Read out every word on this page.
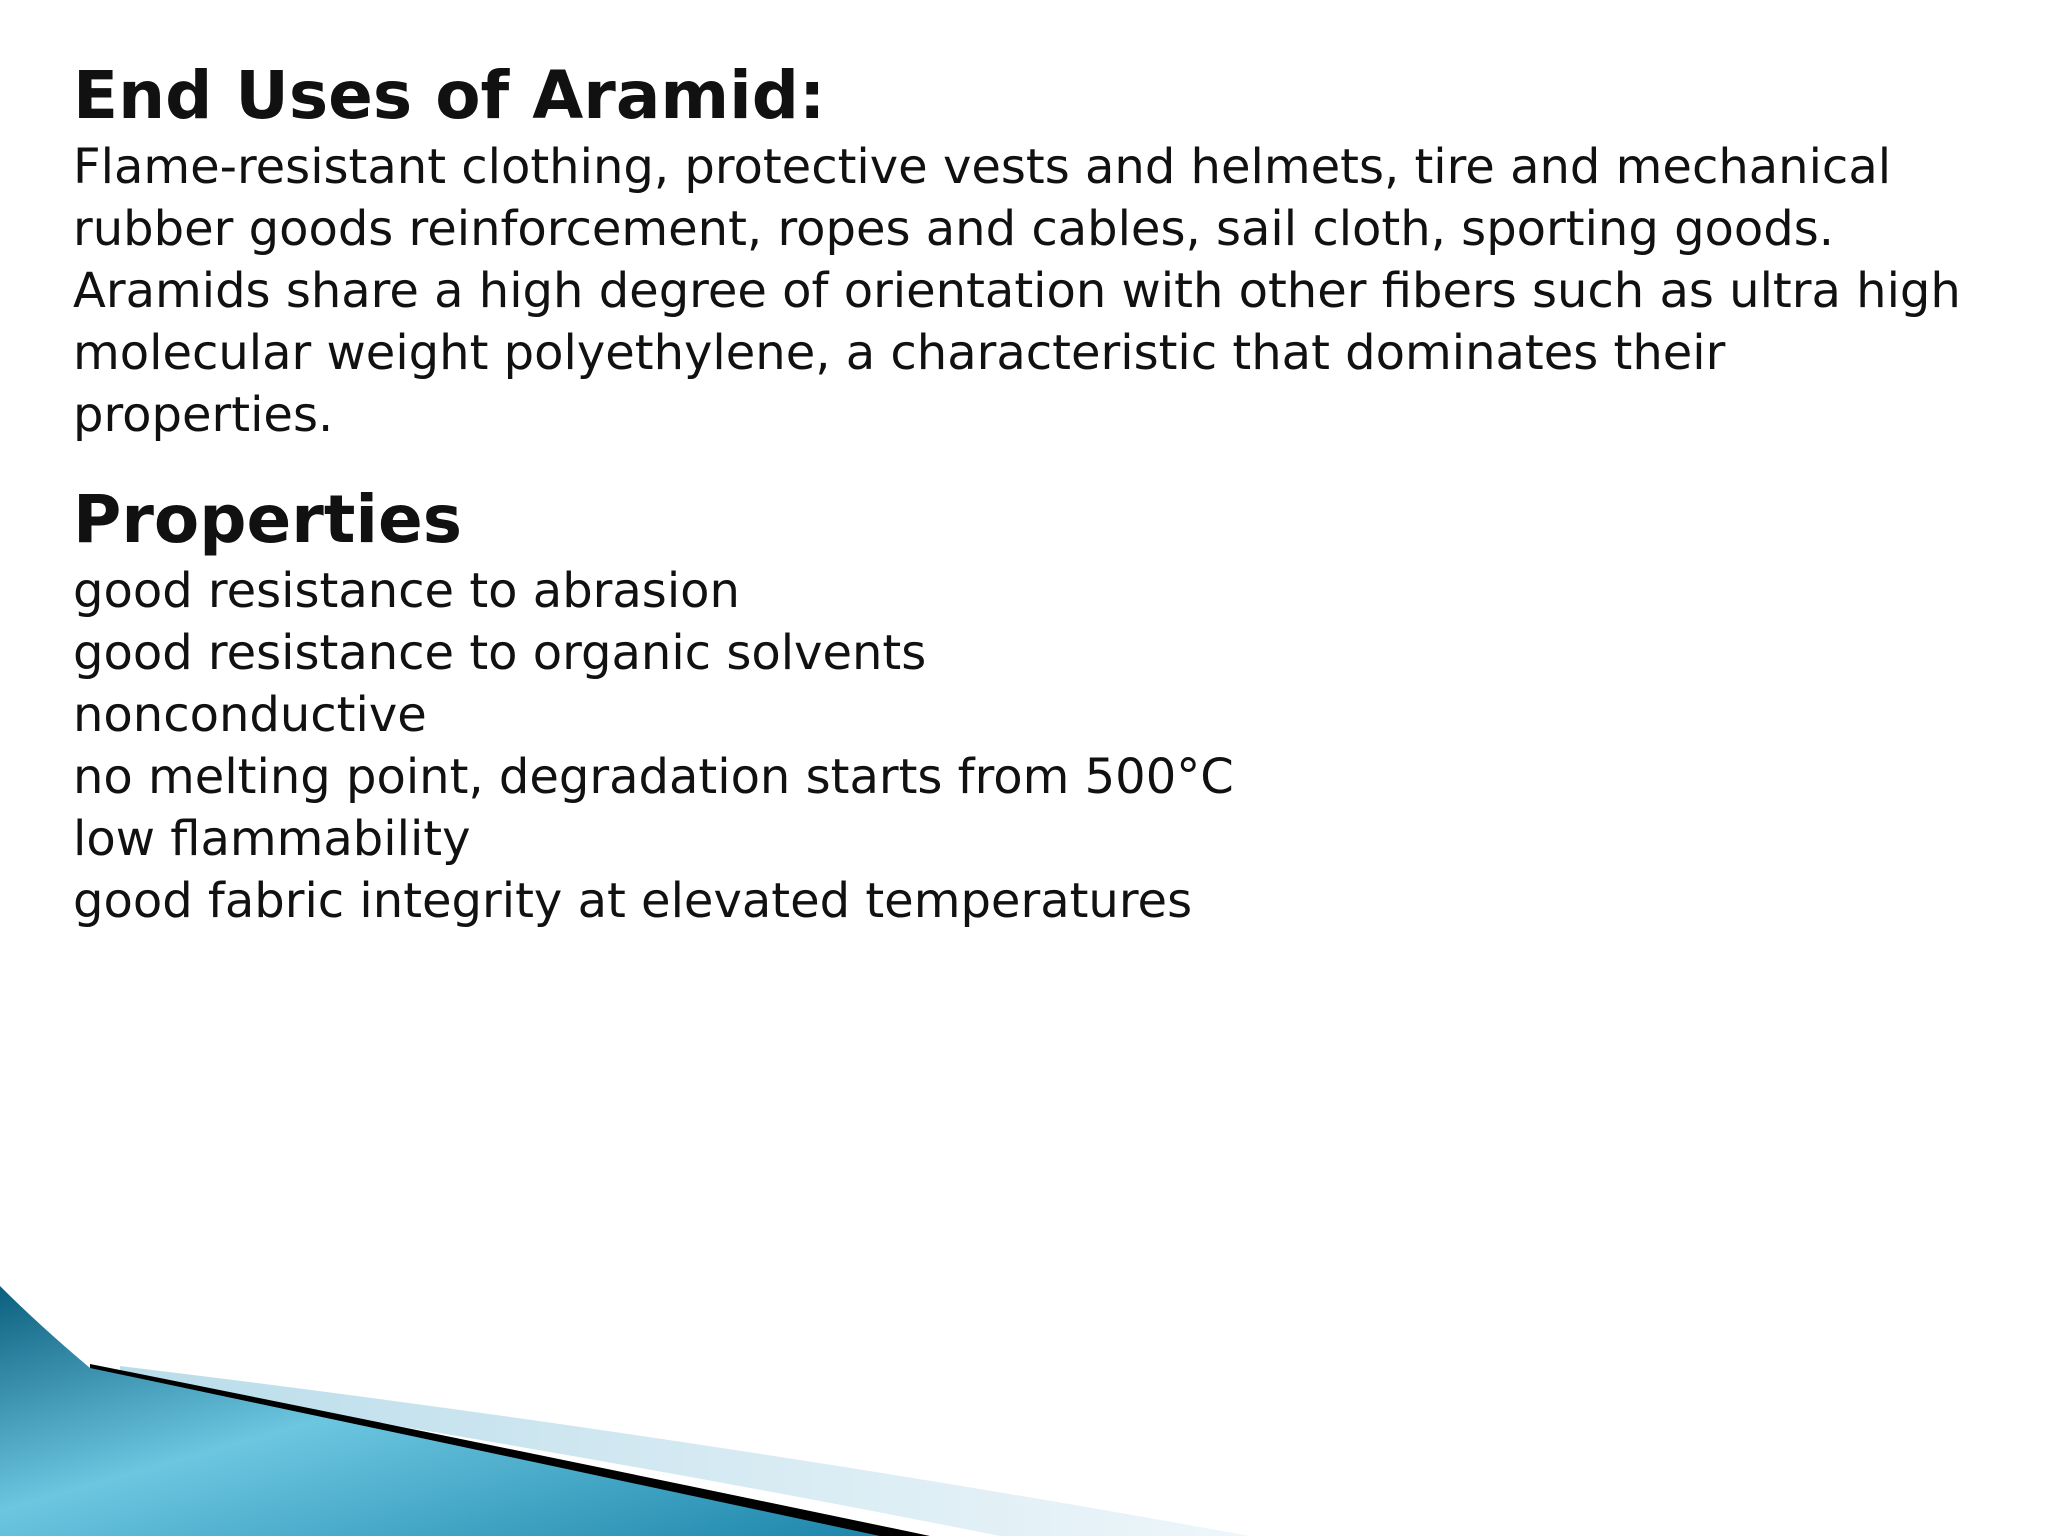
End Uses of Aramid:

Flame-resistant clothing, protective vests and helmets, tire and mechanical rubber goods reinforcement, ropes and cables, sail cloth, sporting goods. Aramids share a high degree of orientation with other fibers such as ultra high molecular weight polyethylene, a characteristic that dominates their properties.

Properties
good resistance to abrasion
good resistance to organic solvents
nonconductive
no melting point, degradation starts from 500°C
low flammability
good fabric integrity at elevated temperatures
